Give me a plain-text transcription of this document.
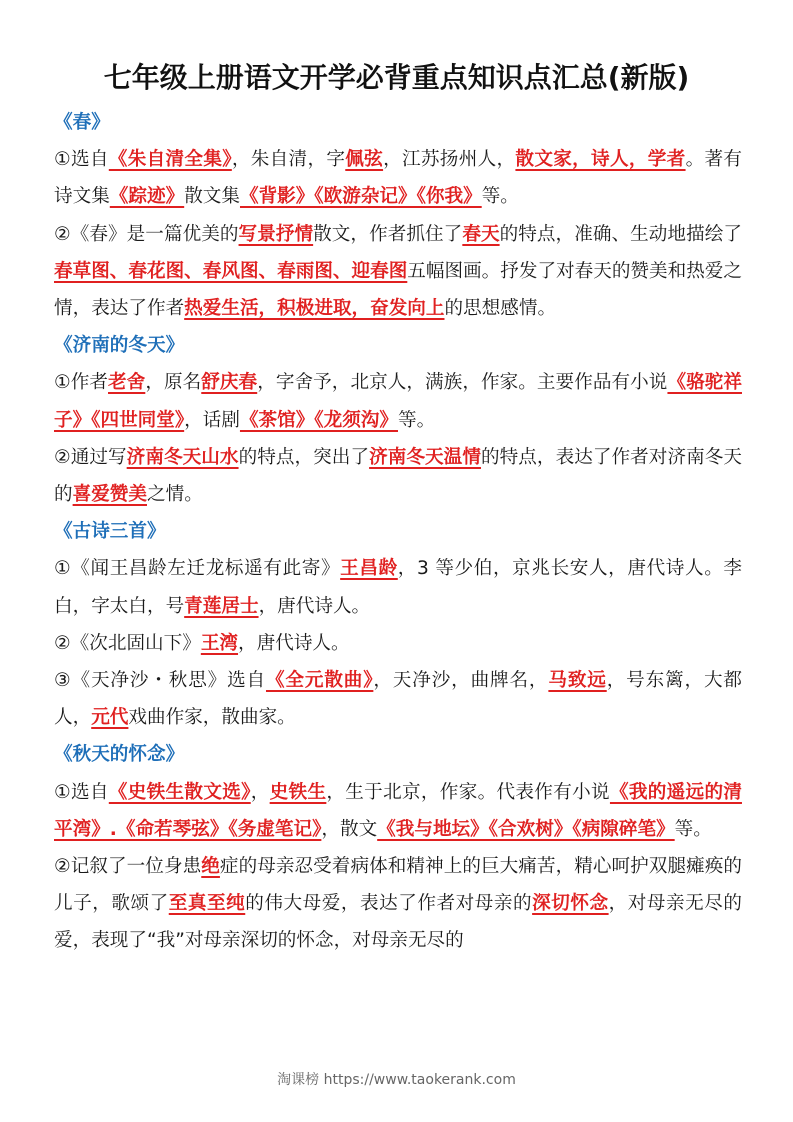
七年级上册语文开学必背重点知识点汇总(新版)

《春》

①选自《朱自清全集》，朱自清，字佩弦，江苏扬州人，散文家，诗人，学者。著有诗文集《踪迹》散文集《背影》《欧游杂记》《你我》等。

②《春》是一篇优美的写景抒情散文，作者抓住了春天的特点，准确、生动地描绘了春草图、春花图、春风图、春雨图、迎春图五幅图画。抒发了对春天的赞美和热爱之情，表达了作者热爱生活，积极进取，奋发向上的思想感情。

《济南的冬天》

①作者老舍，原名舒庆春，字舍予，北京人，满族，作家。主要作品有小说《骆驼祥子》《四世同堂》，话剧《茶馆》《龙须沟》等。

②通过写济南冬天山水的特点，突出了济南冬天温情的特点，表达了作者对济南冬天的喜爱赞美之情。

《古诗三首》

①《闻王昌龄左迁龙标遥有此寄》王昌龄，3 等少伯，京兆长安人，唐代诗人。李白，字太白，号青莲居士，唐代诗人。

②《次北固山下》王湾，唐代诗人。

③《天净沙・秋思》选自《全元散曲》，天净沙，曲牌名，马致远，号东篱，大都人，元代戏曲作家，散曲家。

《秋天的怀念》

①选自《史铁生散文选》，史铁生，生于北京，作家。代表作有小说《我的遥远的清平湾》.《命若琴弦》《务虚笔记》，散文《我与地坛》《合欢树》《病隙碎笔》等。

②记叙了一位身患绝症的母亲忍受着病体和精神上的巨大痛苦，精心呵护双腿瘫痪的儿子，歌颂了至真至纯的伟大母爱，表达了作者对母亲的深切怀念，对母亲无尽的爱，表现了“我”对母亲深切的怀念，对母亲无尽的

淘课榜 https://www.taokerank.com
